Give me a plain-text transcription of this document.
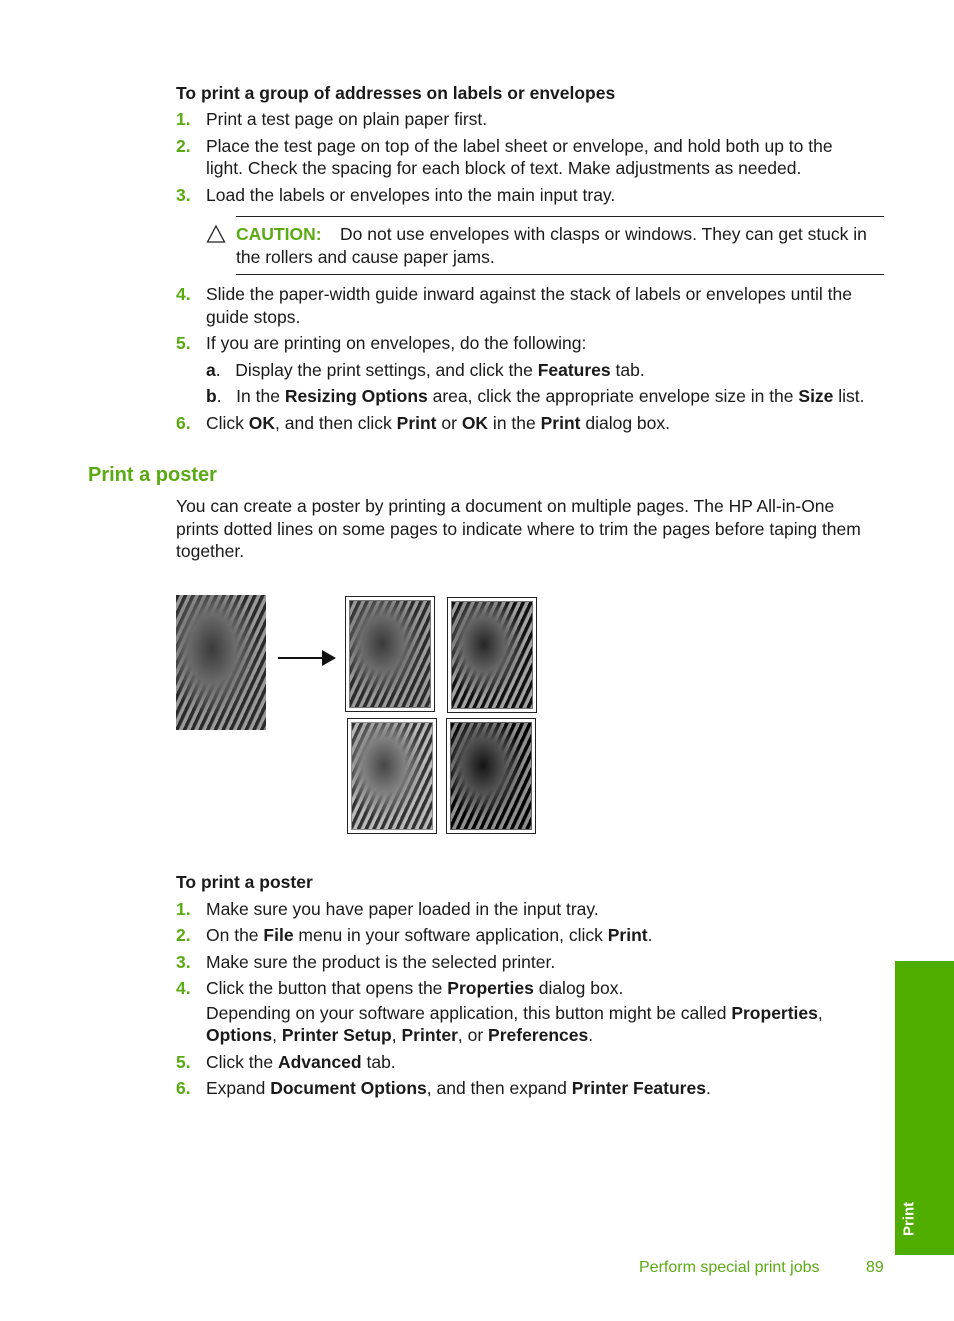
To print a group of addresses on labels or envelopes
1. Print a test page on plain paper first.
2. Place the test page on top of the label sheet or envelope, and hold both up to the
light. Check the spacing for each block of text. Make adjustments as needed.
3. Load the labels or envelopes into the main input tray.
CAUTION: Do not use envelopes with clasps or windows. They can get stuck in
the rollers and cause paper jams.
4. Slide the paper-width guide inward against the stack of labels or envelopes until the
guide stops.
5. If you are printing on envelopes, do the following:
a.   Display the print settings, and click the Features tab.
b.   In the Resizing Options area, click the appropriate envelope size in the Size list.
6. Click OK, and then click Print or OK in the Print dialog box.
Print a poster
You can create a poster by printing a document on multiple pages. The HP All-in-One
prints dotted lines on some pages to indicate where to trim the pages before taping them
together.
To print a poster
1. Make sure you have paper loaded in the input tray.
2. On the File menu in your software application, click Print.
3. Make sure the product is the selected printer.
4. Click the button that opens the Properties dialog box.
Depending on your software application, this button might be called Properties,
Options, Printer Setup, Printer, or Preferences.
5. Click the Advanced tab.
6. Expand Document Options, and then expand Printer Features.
Print
Perform special print jobs	89
